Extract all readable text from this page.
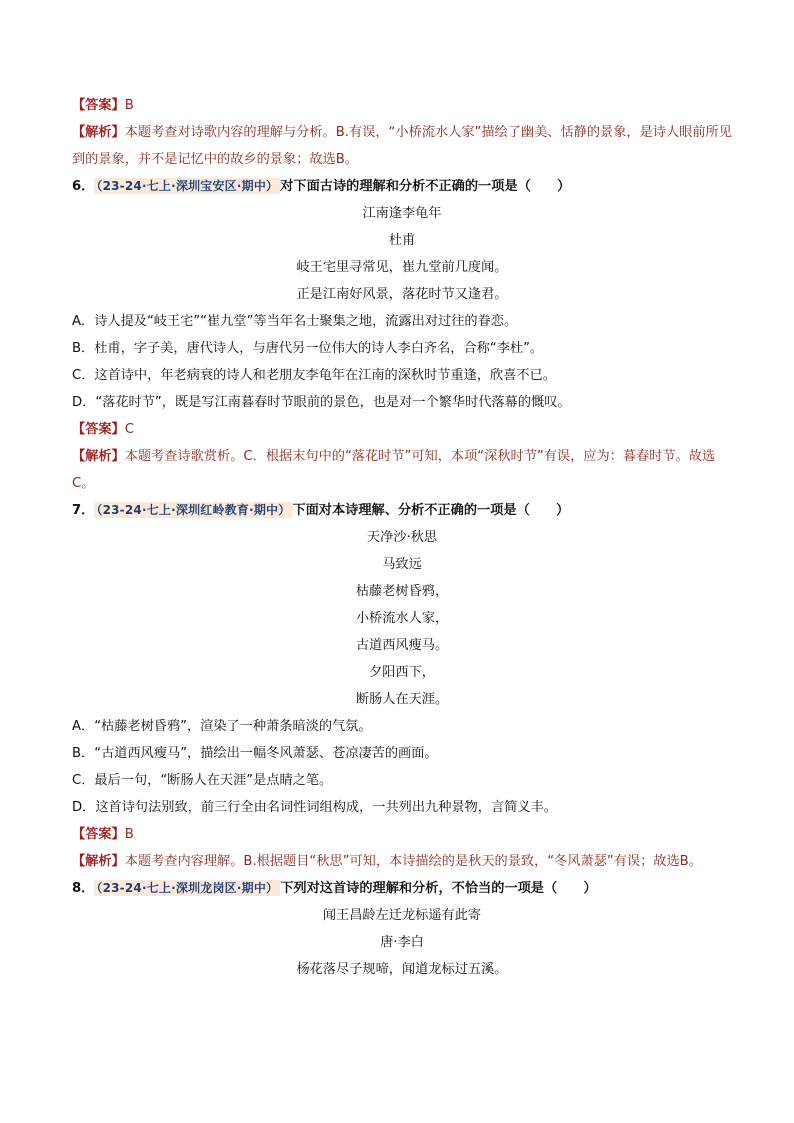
【答案】B
【解析】本题考查对诗歌内容的理解与分析。B.有误，“小桥流水人家”描绘了幽美、恬静的景象，是诗人眼前所见到的景象，并不是记忆中的故乡的景象；故选B。
6． （23-24·七上·深圳宝安区·期中） 对下面古诗的理解和分析不正确的一项是（　　）
江南逢李龟年
杜甫
岐王宅里寻常见，崔九堂前几度闻。
正是江南好风景，落花时节又逢君。
A．诗人提及“岐王宅”“崔九堂”等当年名士聚集之地，流露出对过往的眷恋。
B．杜甫，字子美，唐代诗人，与唐代另一位伟大的诗人李白齐名，合称“李杜”。
C．这首诗中，年老病衰的诗人和老朋友李龟年在江南的深秋时节重逢，欣喜不已。
D．“落花时节”，既是写江南暮春时节眼前的景色，也是对一个繁华时代落幕的慨叹。
【答案】C
【解析】本题考查诗歌赏析。C．根据末句中的“落花时节”可知，本项“深秋时节”有误，应为：暮春时节。故选C。
7． （23-24·七上·深圳红岭教育·期中） 下面对本诗理解、分析不正确的一项是（　　）
天净沙·秋思
马致远
枯藤老树昏鸦，
小桥流水人家，
古道西风瘦马。
夕阳西下，
断肠人在天涯。
A．“枯藤老树昏鸦”，渲染了一种萧条暗淡的气氛。
B．“古道西风瘦马”，描绘出一幅冬风萧瑟、苍凉凄苦的画面。
C．最后一句，“断肠人在天涯”是点睛之笔。
D．这首诗句法别致，前三行全由名词性词组构成，一共列出九种景物，言简义丰。
【答案】B
【解析】本题考查内容理解。B.根据题目“秋思”可知，本诗描绘的是秋天的景致，“冬风萧瑟”有误；故选B。
8． （23-24·七上·深圳龙岗区·期中） 下列对这首诗的理解和分析，不恰当的一项是（　　）
闻王昌龄左迁龙标遥有此寄
唐·李白
杨花落尽子规啼，闻道龙标过五溪。
